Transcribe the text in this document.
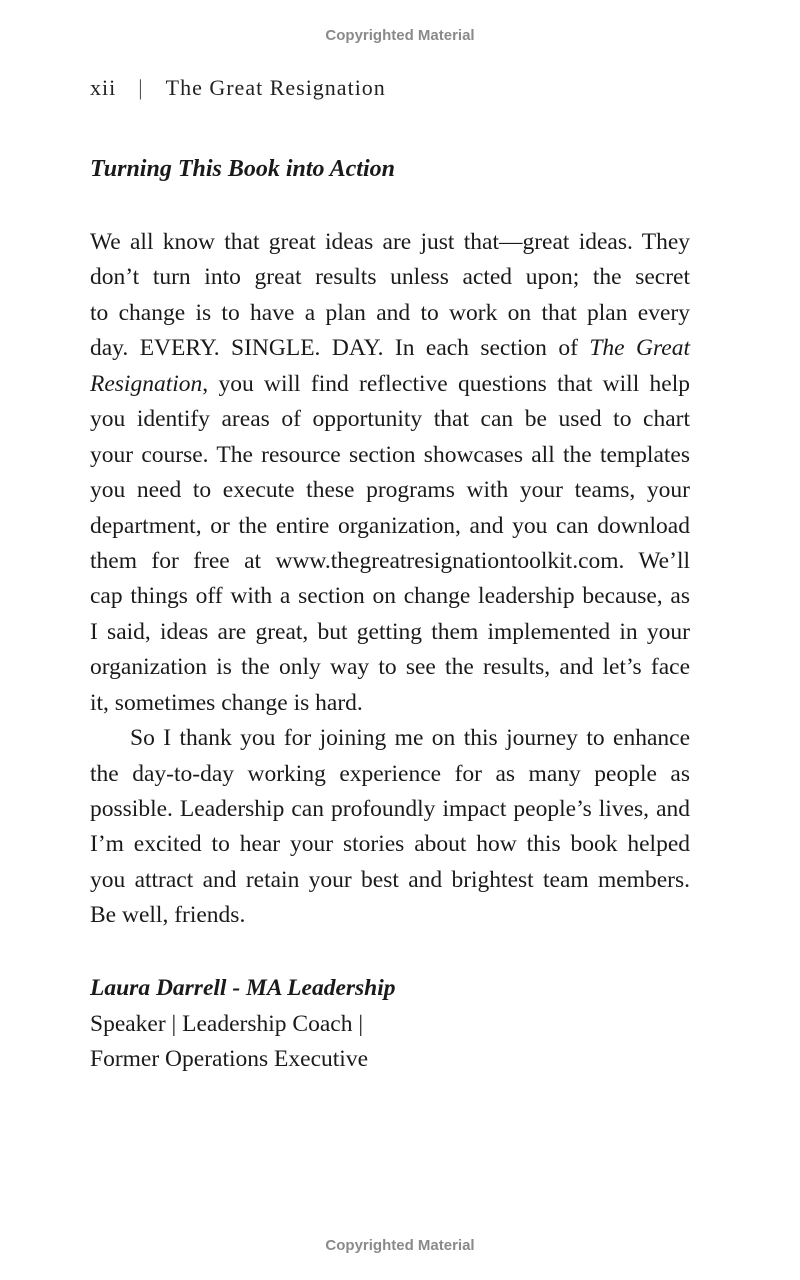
Copyrighted Material
xii | The Great Resignation
Turning This Book into Action
We all know that great ideas are just that—great ideas. They
don’t turn into great results unless acted upon; the secret
to change is to have a plan and to work on that plan every
day. EVERY. SINGLE. DAY. In each section of The Great
Resignation, you will find reflective questions that will help
you identify areas of opportunity that can be used to chart
your course. The resource section showcases all the templates
you need to execute these programs with your teams, your
department, or the entire organization, and you can download
them for free at www.thegreatresignationtoolkit.com. We’ll
cap things off with a section on change leadership because, as
I said, ideas are great, but getting them implemented in your
organization is the only way to see the results, and let’s face
it, sometimes change is hard.
So I thank you for joining me on this journey to enhance
the day-to-day working experience for as many people as
possible. Leadership can profoundly impact people’s lives, and
I’m excited to hear your stories about how this book helped
you attract and retain your best and brightest team members.
Be well, friends.
Laura Darrell - MA Leadership
Speaker | Leadership Coach |
Former Operations Executive
Copyrighted Material
